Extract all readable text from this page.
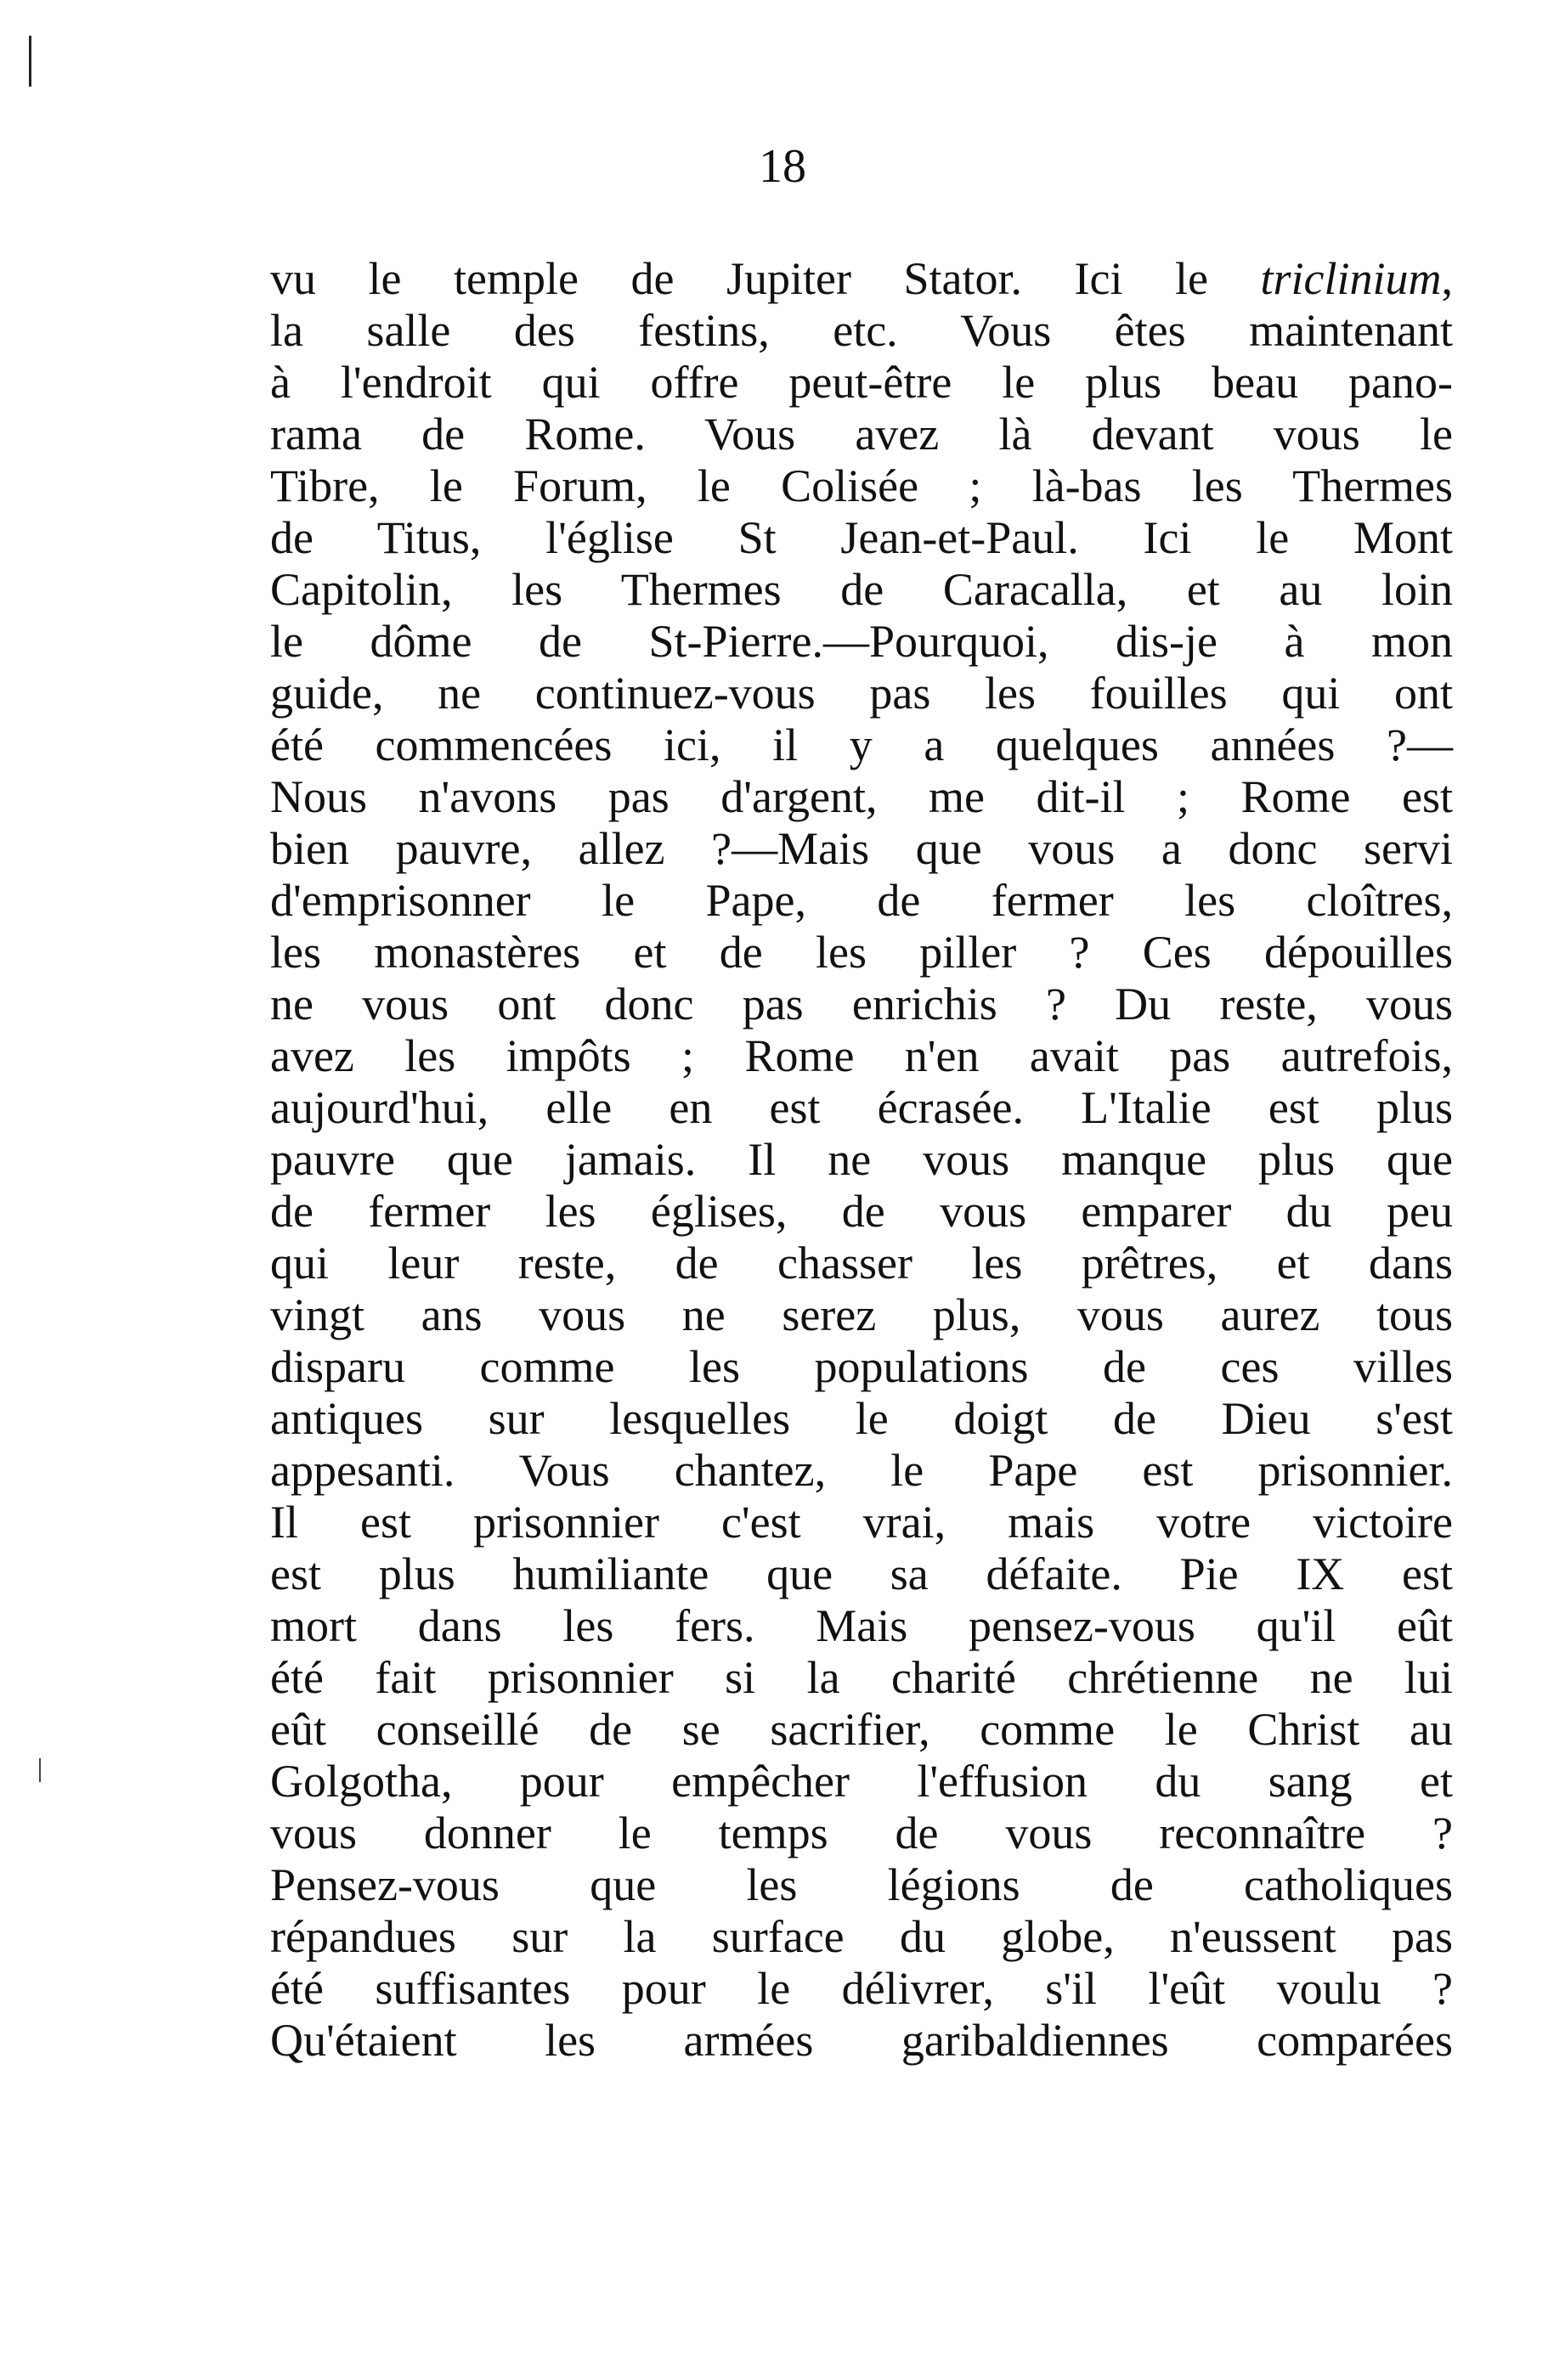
18
vu le temple de Jupiter Stator. Ici le triclinium,
la salle des festins, etc. Vous êtes maintenant
à l'endroit qui offre peut-être le plus beau pano-
rama de Rome. Vous avez là devant vous le
Tibre, le Forum, le Colisée ; là-bas les Thermes
de Titus, l'église St Jean-et-Paul. Ici le Mont
Capitolin, les Thermes de Caracalla, et au loin
le dôme de St-Pierre.—Pourquoi, dis-je à mon
guide, ne continuez-vous pas les fouilles qui ont
été commencées ici, il y a quelques années ?—
Nous n'avons pas d'argent, me dit-il ; Rome est
bien pauvre, allez ?—Mais que vous a donc servi
d'emprisonner le Pape, de fermer les cloîtres,
les monastères et de les piller ? Ces dépouilles
ne vous ont donc pas enrichis ? Du reste, vous
avez les impôts ; Rome n'en avait pas autrefois,
aujourd'hui, elle en est écrasée. L'Italie est plus
pauvre que jamais. Il ne vous manque plus que
de fermer les églises, de vous emparer du peu
qui leur reste, de chasser les prêtres, et dans
vingt ans vous ne serez plus, vous aurez tous
disparu comme les populations de ces villes
antiques sur lesquelles le doigt de Dieu s'est
appesanti. Vous chantez, le Pape est prisonnier.
Il est prisonnier c'est vrai, mais votre victoire
est plus humiliante que sa défaite. Pie IX est
mort dans les fers. Mais pensez-vous qu'il eût
été fait prisonnier si la charité chrétienne ne lui
eût conseillé de se sacrifier, comme le Christ au
Golgotha, pour empêcher l'effusion du sang et
vous donner le temps de vous reconnaître ?
Pensez-vous que les légions de catholiques
répandues sur la surface du globe, n'eussent pas
été suffisantes pour le délivrer, s'il l'eût voulu ?
Qu'étaient les armées garibaldiennes comparées
